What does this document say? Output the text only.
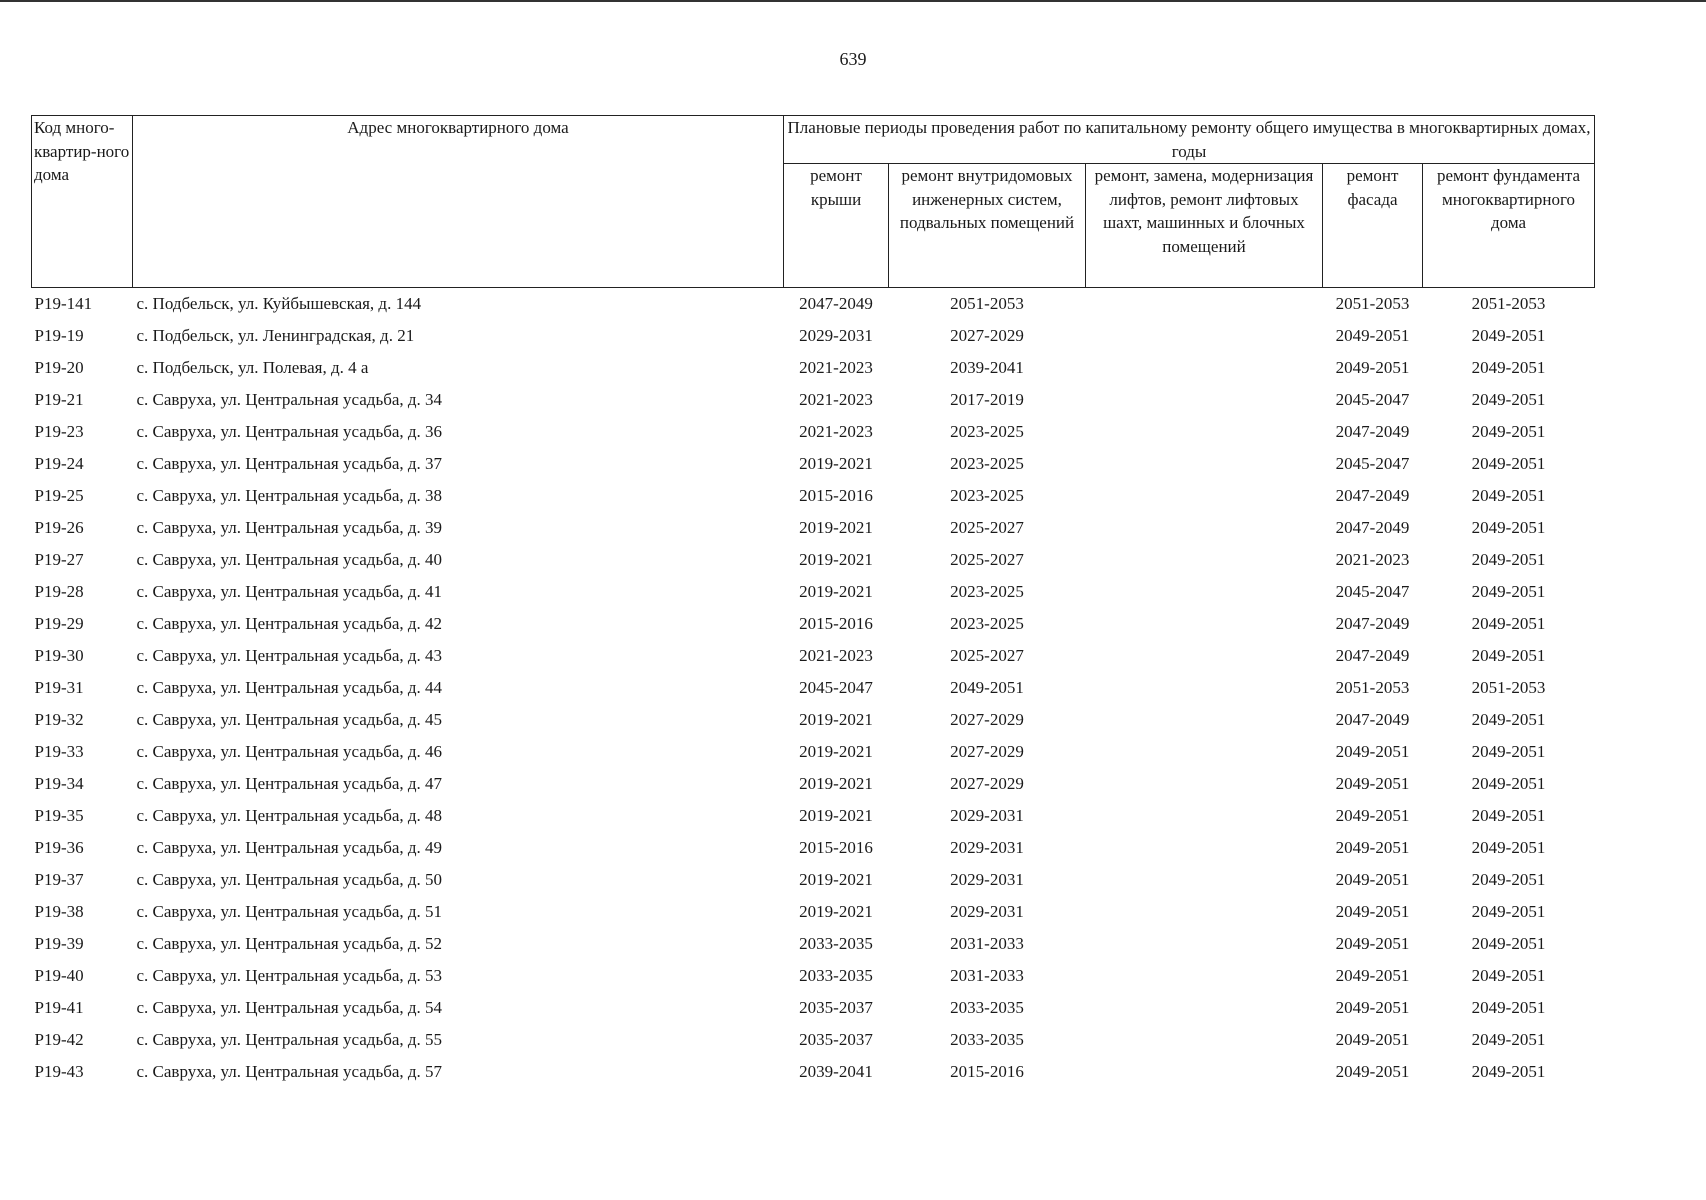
639
Код много-квартир-ного дома	Адрес многоквартирного дома	Плановые периоды проведения работ по капитальному ремонту общего имущества в многоквартирных домах, годы				
		ремонт крыши	ремонт внутридомовых инженерных систем, подвальных помещений	ремонт, замена, модернизация лифтов, ремонт лифтовых шахт, машинных и блочных помещений	ремонт фасада	ремонт фундамента многоквартирного дома
P19-141	с. Подбельск, ул. Куйбышевская, д. 144	2047-2049	2051-2053		2051-2053	2051-2053
P19-19	с. Подбельск, ул. Ленинградская, д. 21	2029-2031	2027-2029		2049-2051	2049-2051
P19-20	с. Подбельск, ул. Полевая, д. 4 а	2021-2023	2039-2041		2049-2051	2049-2051
P19-21	с. Савруха, ул. Центральная усадьба, д. 34	2021-2023	2017-2019		2045-2047	2049-2051
P19-23	с. Савруха, ул. Центральная усадьба, д. 36	2021-2023	2023-2025		2047-2049	2049-2051
P19-24	с. Савруха, ул. Центральная усадьба, д. 37	2019-2021	2023-2025		2045-2047	2049-2051
P19-25	с. Савруха, ул. Центральная усадьба, д. 38	2015-2016	2023-2025		2047-2049	2049-2051
P19-26	с. Савруха, ул. Центральная усадьба, д. 39	2019-2021	2025-2027		2047-2049	2049-2051
P19-27	с. Савруха, ул. Центральная усадьба, д. 40	2019-2021	2025-2027		2021-2023	2049-2051
P19-28	с. Савруха, ул. Центральная усадьба, д. 41	2019-2021	2023-2025		2045-2047	2049-2051
P19-29	с. Савруха, ул. Центральная усадьба, д. 42	2015-2016	2023-2025		2047-2049	2049-2051
P19-30	с. Савруха, ул. Центральная усадьба, д. 43	2021-2023	2025-2027		2047-2049	2049-2051
P19-31	с. Савруха, ул. Центральная усадьба, д. 44	2045-2047	2049-2051		2051-2053	2051-2053
P19-32	с. Савруха, ул. Центральная усадьба, д. 45	2019-2021	2027-2029		2047-2049	2049-2051
P19-33	с. Савруха, ул. Центральная усадьба, д. 46	2019-2021	2027-2029		2049-2051	2049-2051
P19-34	с. Савруха, ул. Центральная усадьба, д. 47	2019-2021	2027-2029		2049-2051	2049-2051
P19-35	с. Савруха, ул. Центральная усадьба, д. 48	2019-2021	2029-2031		2049-2051	2049-2051
P19-36	с. Савруха, ул. Центральная усадьба, д. 49	2015-2016	2029-2031		2049-2051	2049-2051
P19-37	с. Савруха, ул. Центральная усадьба, д. 50	2019-2021	2029-2031		2049-2051	2049-2051
P19-38	с. Савруха, ул. Центральная усадьба, д. 51	2019-2021	2029-2031		2049-2051	2049-2051
P19-39	с. Савруха, ул. Центральная усадьба, д. 52	2033-2035	2031-2033		2049-2051	2049-2051
P19-40	с. Савруха, ул. Центральная усадьба, д. 53	2033-2035	2031-2033		2049-2051	2049-2051
P19-41	с. Савруха, ул. Центральная усадьба, д. 54	2035-2037	2033-2035		2049-2051	2049-2051
P19-42	с. Савруха, ул. Центральная усадьба, д. 55	2035-2037	2033-2035		2049-2051	2049-2051
P19-43	с. Савруха, ул. Центральная усадьба, д. 57	2039-2041	2015-2016		2049-2051	2049-2051
